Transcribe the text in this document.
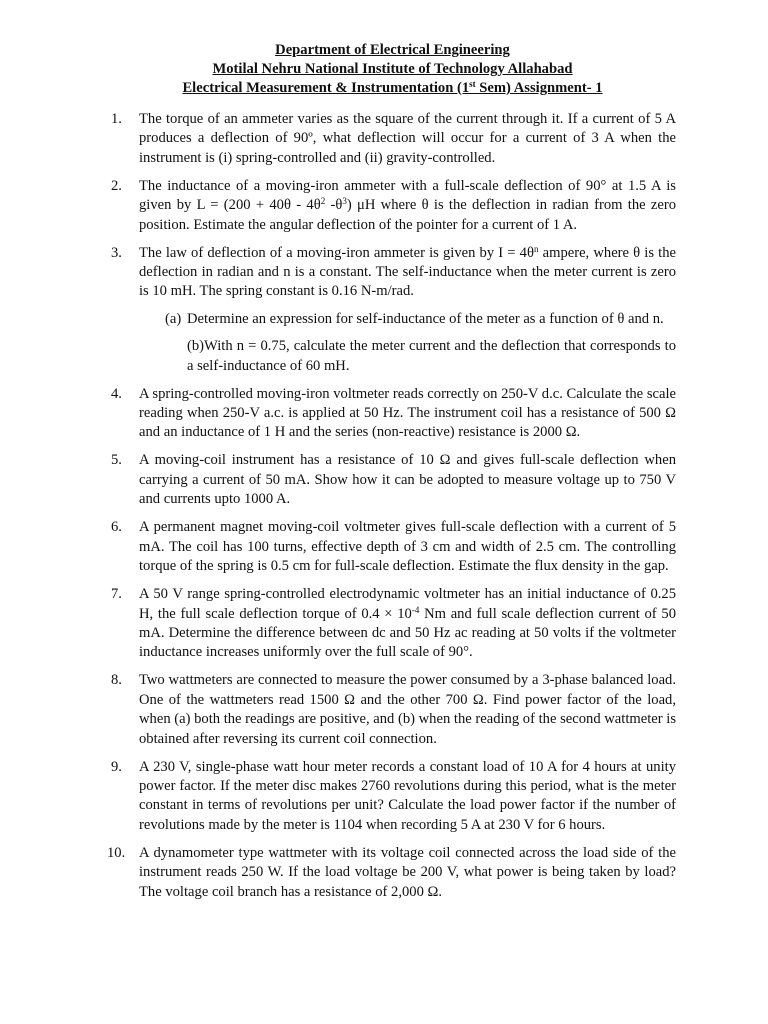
Department of Electrical Engineering
Motilal Nehru National Institute of Technology Allahabad
Electrical Measurement & Instrumentation (1st Sem) Assignment- 1
1.	The torque of an ammeter varies as the square of the current through it. If a current of 5 A produces a deflection of 90º, what deflection will occur for a current of 3 A when the instrument is (i) spring-controlled and (ii) gravity-controlled.
2.	The inductance of a moving-iron ammeter with a full-scale deflection of 90° at 1.5 A is given by $L = (200 + 40\theta - 4\theta^2$ $-\theta^3$) μH where θ is the deflection in radian from the zero position. Estimate the angular deflection of the pointer for a current of 1 A.
3.	The law of deflection of a moving-iron ammeter is given by $I = 4\theta^n$ ampere, where θ is the deflection in radian and n is a constant. The self-inductance when the meter current is zero is 10 mH. The spring constant is 0.16 N-m/rad.
(a) Determine an expression for self-inductance of the meter as a function of θ and n.
(b)With n = 0.75, calculate the meter current and the deflection that corresponds to a self-inductance of 60 mH.
4.	A spring-controlled moving-iron voltmeter reads correctly on 250-V d.c. Calculate the scale reading when 250-V a.c. is applied at 50 Hz. The instrument coil has a resistance of 500 Ω and an inductance of 1 H and the series (non-reactive) resistance is 2000 Ω.
5.	A moving-coil instrument has a resistance of 10 Ω and gives full-scale deflection when carrying a current of 50 mA. Show how it can be adopted to measure voltage up to 750 V and currents upto 1000 A.
6.	A permanent magnet moving-coil voltmeter gives full-scale deflection with a current of 5 mA. The coil has 100 turns, effective depth of 3 cm and width of 2.5 cm. The controlling torque of the spring is 0.5 cm for full-scale deflection. Estimate the flux density in the gap.
7.	A 50 V range spring-controlled electrodynamic voltmeter has an initial inductance of 0.25 H, the full scale deflection torque of $0.4 \times 10^{-4}$ Nm and full scale deflection current of 50 mA. Determine the difference between dc and 50 Hz ac reading at 50 volts if the voltmeter inductance increases uniformly over the full scale of 90°.
8.	Two wattmeters are connected to measure the power consumed by a 3-phase balanced load. One of the wattmeters read 1500 Ω and the other 700 Ω. Find power factor of the load, when (a) both the readings are positive, and (b) when the reading of the second wattmeter is obtained after reversing its current coil connection.
9.	A 230 V, single-phase watt hour meter records a constant load of 10 A for 4 hours at unity power factor. If the meter disc makes 2760 revolutions during this period, what is the meter constant in terms of revolutions per unit? Calculate the load power factor if the number of revolutions made by the meter is 1104 when recording 5 A at 230 V for 6 hours.
10. A dynamometer type wattmeter with its voltage coil connected across the load side of the instrument reads 250 W. If the load voltage be 200 V, what power is being taken by load? The voltage coil branch has a resistance of 2,000 Ω.
